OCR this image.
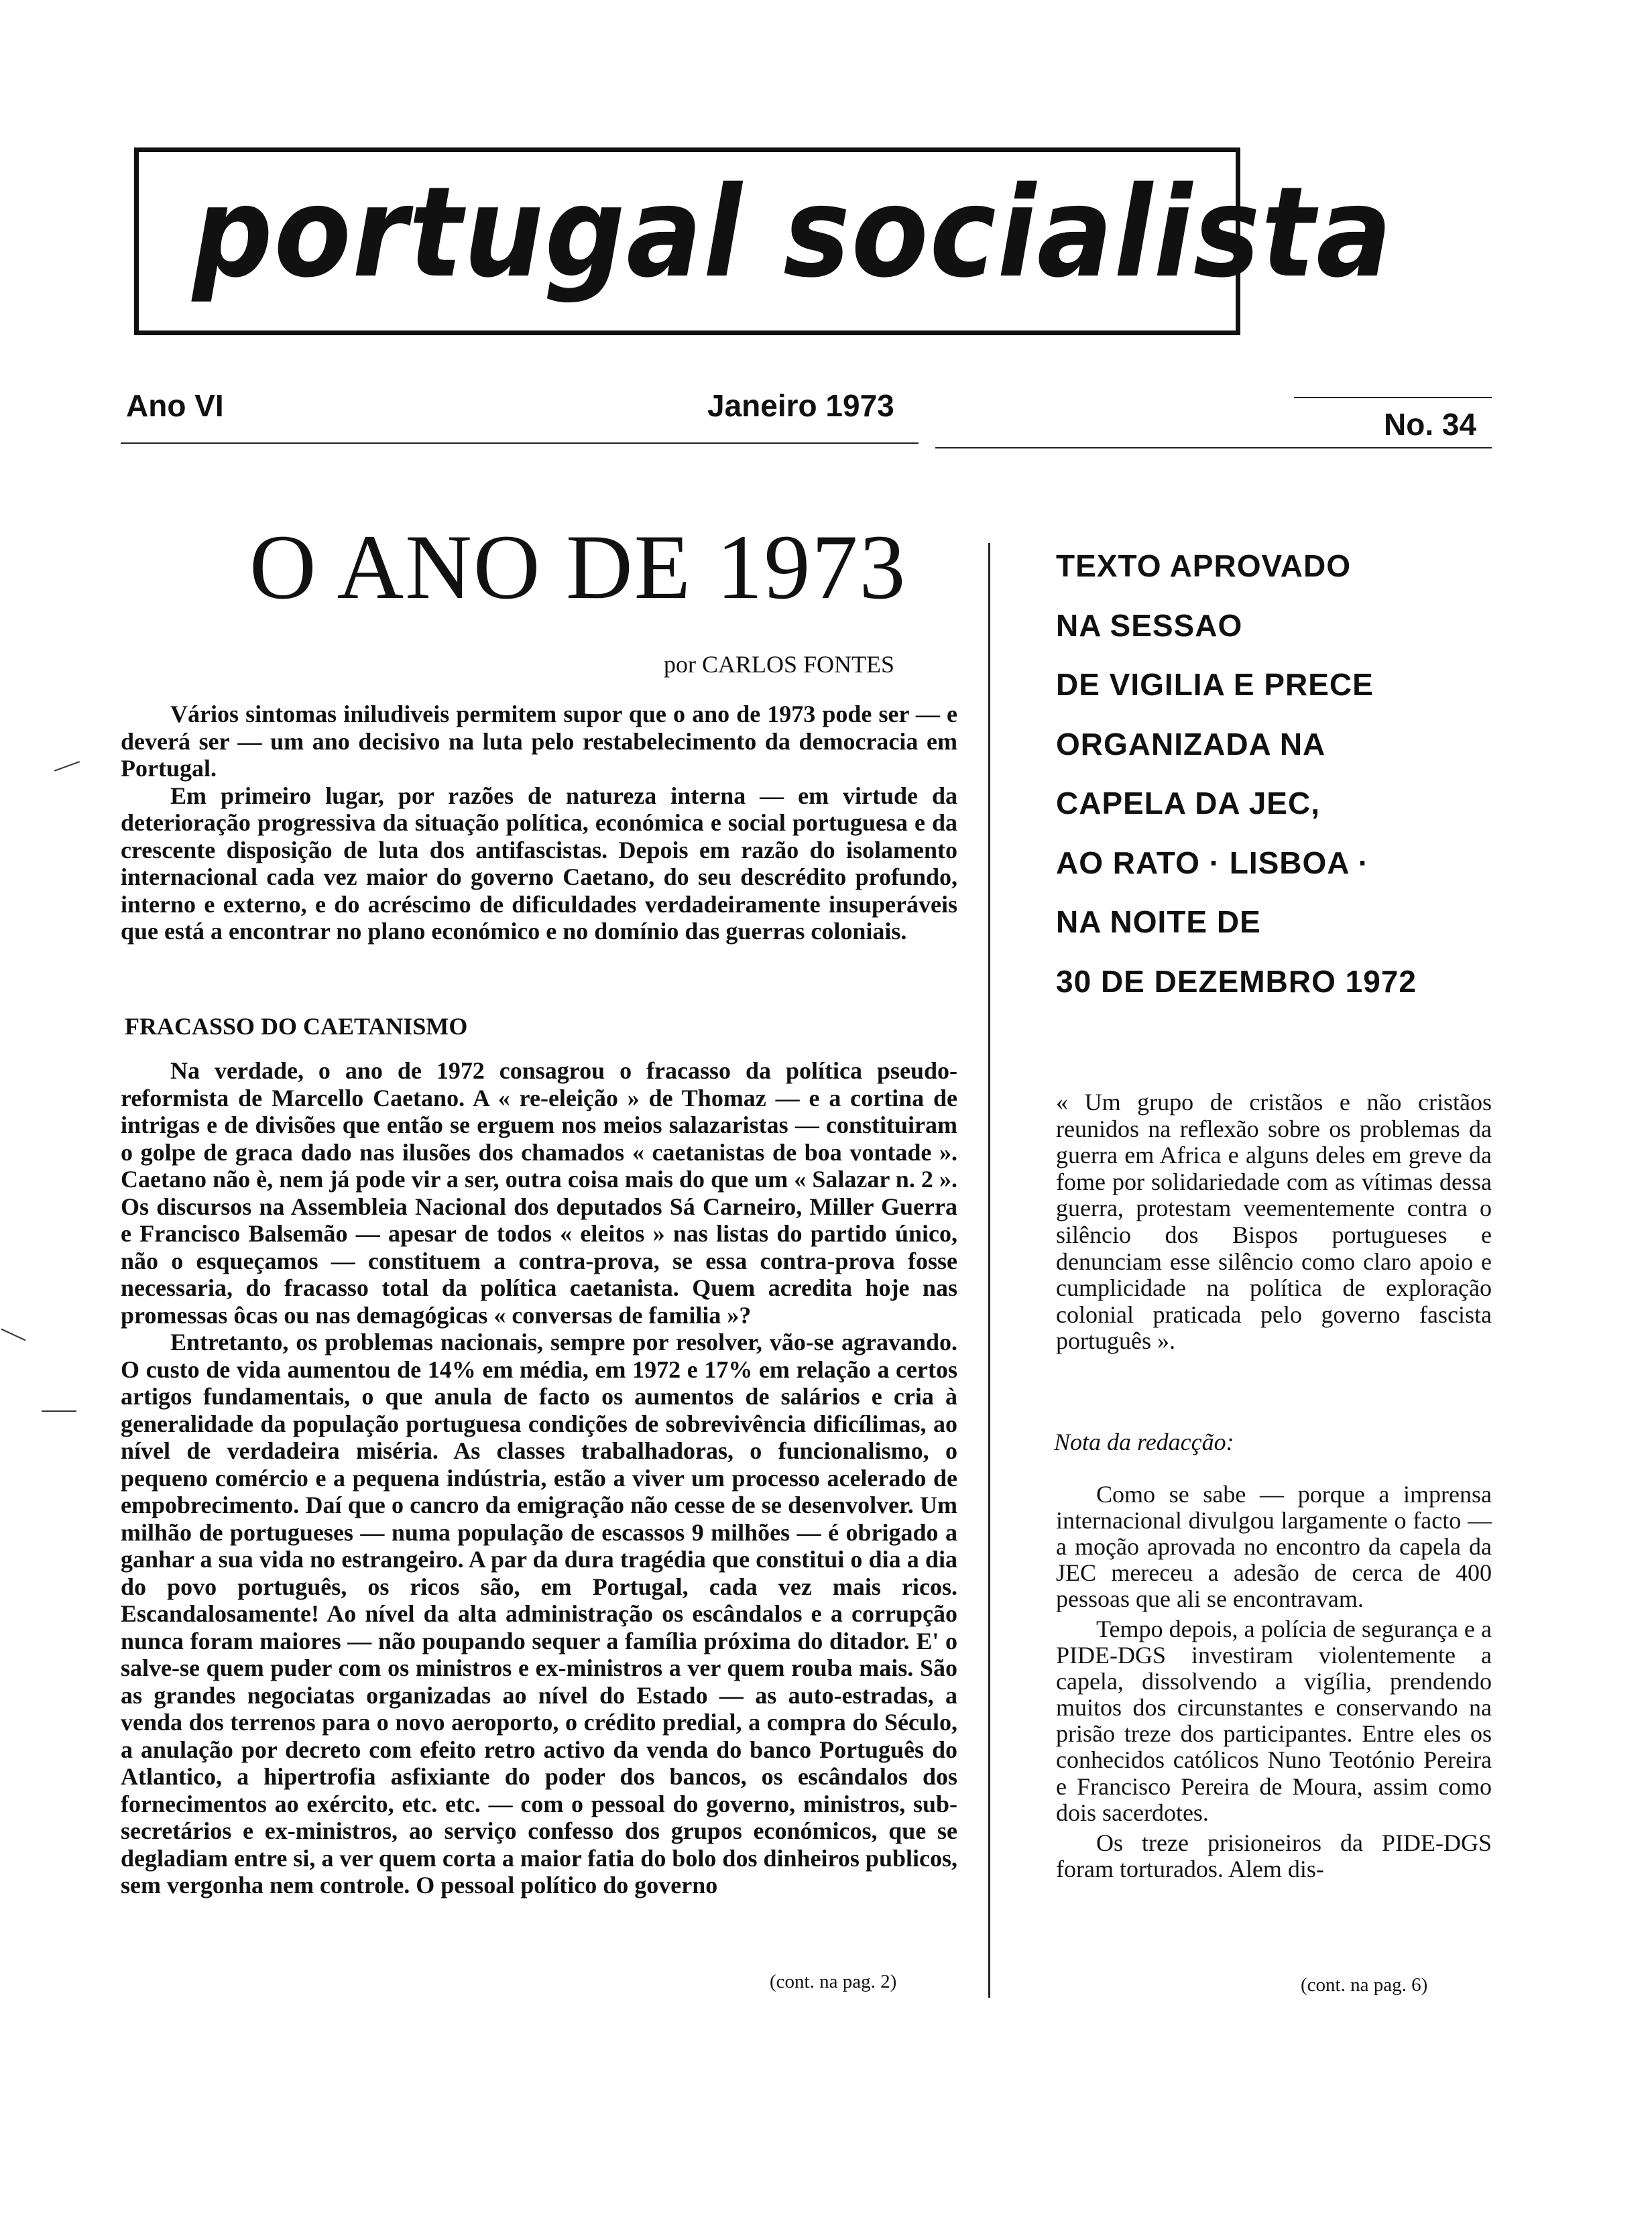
portugal socialista
Ano VI	Janeiro 1973
No. 34
O ANO DE 1973
por CARLOS FONTES

Vários sintomas iniludiveis permitem supor que o ano de 1973 pode ser — e deverá ser — um ano decisivo na luta pelo restabelecimento da democracia em Portugal.

Em primeiro lugar, por razões de natureza interna — em virtude da deterioração progressiva da situação política, económica e social portuguesa e da crescente disposição de luta dos antifascistas. Depois em razão do isolamento internacional cada vez maior do governo Caetano, do seu descrédito profundo, interno e externo, e do acréscimo de dificuldades verdadeiramente insuperáveis que está a encontrar no plano económico e no domínio das guerras coloniais.

FRACASSO DO CAETANISMO

Na verdade, o ano de 1972 consagrou o fracasso da política pseudo-reformista de Marcello Caetano. A « re-eleição » de Thomaz — e a cortina de intrigas e de divisões que então se erguem nos meios salazaristas — constituiram o golpe de graca dado nas ilusões dos chamados « caetanistas de boa vontade ». Caetano não è, nem já pode vir a ser, outra coisa mais do que um « Salazar n. 2 ». Os discursos na Assembleia Nacional dos deputados Sá Carneiro, Miller Guerra e Francisco Balsemão — apesar de todos « eleitos » nas listas do partido único, não o esqueçamos — constituem a contra-prova, se essa contra-prova fosse necessaria, do fracasso total da política caetanista. Quem acredita hoje nas promessas ôcas ou nas demagógicas « conversas de familia »?

Entretanto, os problemas nacionais, sempre por resolver, vão-se agravando. O custo de vida aumentou de 14% em média, em 1972 e 17% em relação a certos artigos fundamentais, o que anula de facto os aumentos de salários e cria à generalidade da população portuguesa condições de sobrevivência dificílimas, ao nível de verdadeira miséria. As classes trabalhadoras, o funcionalismo, o pequeno comércio e a pequena indústria, estão a viver um processo acelerado de empobrecimento. Daí que o cancro da emigração não cesse de se desenvolver. Um milhão de portugueses — numa população de escassos 9 milhões — é obrigado a ganhar a sua vida no estrangeiro. A par da dura tragédia que constitui o dia a dia do povo português, os ricos são, em Portugal, cada vez mais ricos. Escandalosamente! Ao nível da alta administração os escândalos e a corrupção nunca foram maiores — não poupando sequer a família próxima do ditador. E' o salve-se quem puder com os ministros e ex-ministros a ver quem rouba mais. São as grandes negociatas organizadas ao nível do Estado — as auto-estradas, a venda dos terrenos para o novo aeroporto, o crédito predial, a compra do Século, a anulação por decreto com efeito retro activo da venda do banco Português do Atlantico, a hipertrofia asfixiante do poder dos bancos, os escândalos dos fornecimentos ao exército, etc. etc. — com o pessoal do governo, ministros, sub-secretários e ex-ministros, ao serviço confesso dos grupos económicos, que se degladiam entre si, a ver quem corta a maior fatia do bolo dos dinheiros publicos, sem vergonha nem controle. O pessoal político do governo

(cont. na pag. 2)
TEXTO APROVADO
NA SESSAO
DE VIGILIA E PRECE
ORGANIZADA NA
CAPELA DA JEC,
AO RATO · LISBOA ·
NA NOITE DE
30 DE DEZEMBRO 1972
« Um grupo de cristãos e não cristãos reunidos na reflexão sobre os problemas da guerra em Africa e alguns deles em greve da fome por solidariedade com as vítimas dessa guerra, protestam veementemente contra o silêncio dos Bispos portugueses e denunciam esse silêncio como claro apoio e cumplicidade na política de exploração colonial praticada pelo governo fascista português ».
Nota da redacção:

Como se sabe — porque a imprensa internacional divulgou largamente o facto — a moção aprovada no encontro da capela da JEC mereceu a adesão de cerca de 400 pessoas que ali se encontravam.

Tempo depois, a polícia de segurança e a PIDE-DGS investiram violentemente a capela, dissolvendo a vigília, prendendo muitos dos circunstantes e conservando na prisão treze dos participantes. Entre eles os conhecidos católicos Nuno Teotónio Pereira e Francisco Pereira de Moura, assim como dois sacerdotes.

Os treze prisioneiros da PIDE-DGS foram torturados. Alem dis-

(cont. na pag. 6)
